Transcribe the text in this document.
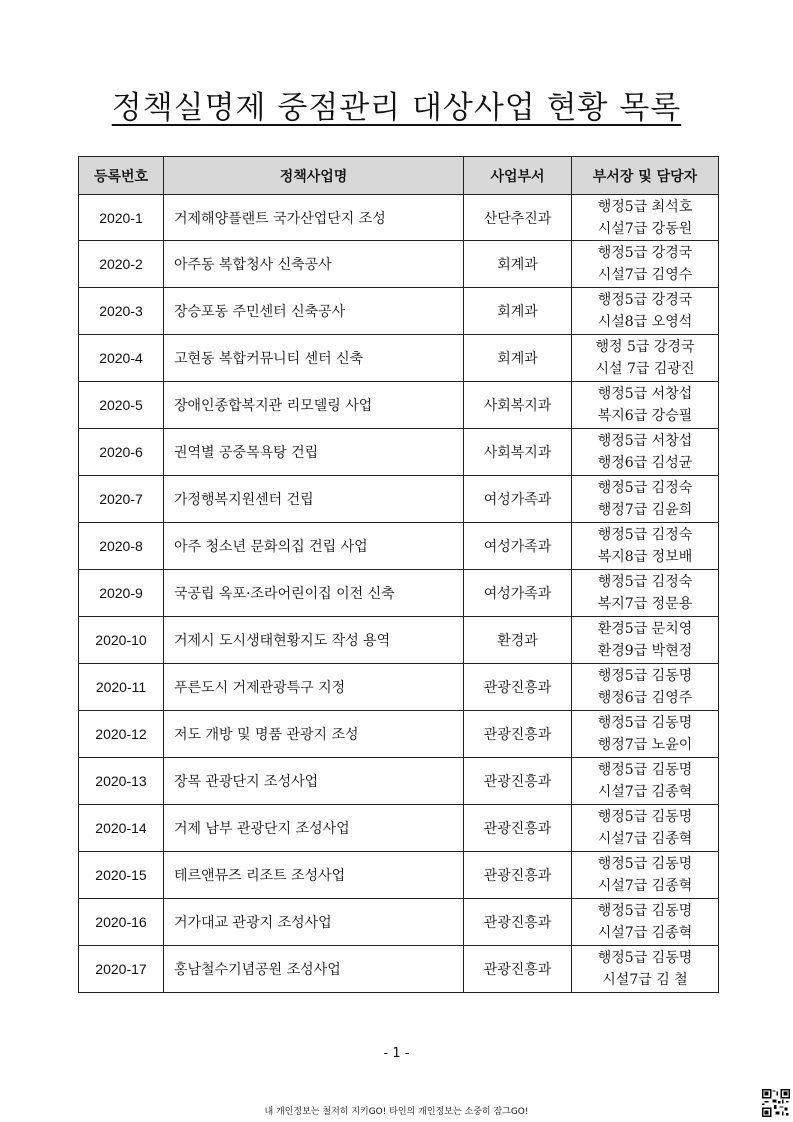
정책실명제 중점관리 대상사업 현황 목록
등록번호	정책사업명	사업부서	부서장 및 담당자
2020-1	거제해양플랜트 국가산업단지 조성	산단추진과	행정5급 최석호
시설7급 강동원

2020-2	아주동 복합청사 신축공사	회계과	행정5급 강경국
시설7급 김영수

2020-3	장승포동 주민센터 신축공사	회계과	행정5급 강경국
시설8급 오영석

2020-4	고현동 복합커뮤니티 센터 신축	회계과	행정 5급 강경국
시설 7급 김광진

2020-5	장애인종합복지관 리모델링 사업	사회복지과	행정5급 서창섭
복지6급 강승필

2020-6	권역별 공중목욕탕 건립	사회복지과	행정5급 서창섭
행정6급 김성균

2020-7	가정행복지원센터 건립	여성가족과	행정5급 김정숙
행정7급 김윤희

2020-8	아주 청소년 문화의집 건립 사업	여성가족과	행정5급 김정숙
복지8급 정보배

2020-9	국공립 옥포·조라어린이집 이전 신축	여성가족과	행정5급 김정숙
복지7급 정문용

2020-10	거제시 도시생태현황지도 작성 용역	환경과	환경5급 문치영
환경9급 박현정

2020-11	푸른도시 거제관광특구 지정	관광진흥과	행정5급 김동명
행정6급 김영주

2020-12	저도 개방 및 명품 관광지 조성	관광진흥과	행정5급 김동명
행정7급 노윤이

2020-13	장목 관광단지 조성사업	관광진흥과	행정5급 김동명
시설7급 김종혁

2020-14	거제 남부 관광단지 조성사업	관광진흥과	행정5급 김동명
시설7급 김종혁

2020-15	테르앤뮤즈 리조트 조성사업	관광진흥과	행정5급 김동명
시설7급 김종혁

2020-16	거가대교 관광지 조성사업	관광진흥과	행정5급 김동명
시설7급 김종혁

2020-17	홍남철수기념공원 조성사업	관광진흥과	행정5급 김동명
시설7급 김 철
- 1 -
내 개인정보는 철저히 지키GO! 타인의 개인정보는 소중히 잠그GO!
